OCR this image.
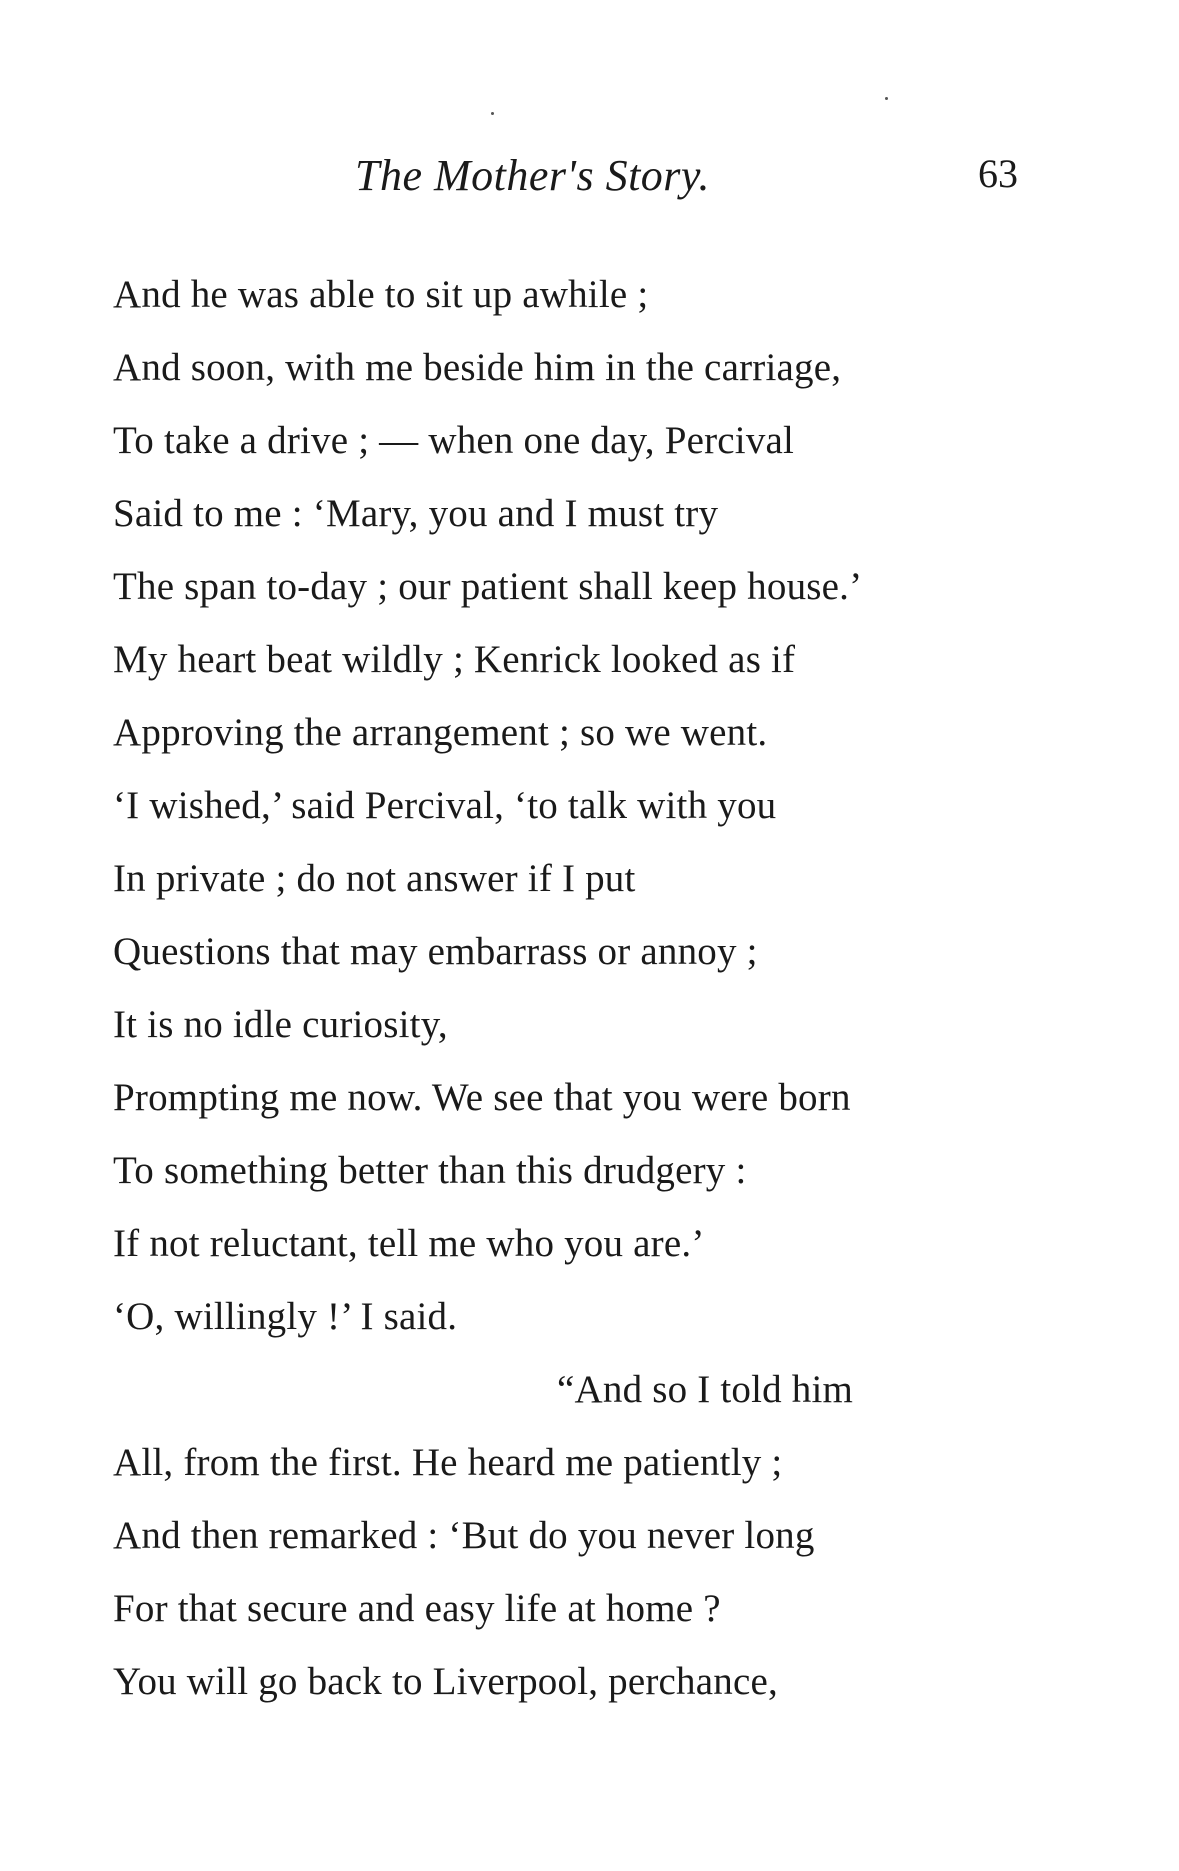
The Mother's Story.	63
And he was able to sit up awhile ;
And soon, with me beside him in the carriage,
To take a drive ; — when one day, Percival
Said to me : ‘Mary, you and I must try
The span to-day ; our patient shall keep house.’
My heart beat wildly ; Kenrick looked as if
Approving the arrangement ; so we went.
‘I wished,’ said Percival, ‘to talk with you
In private ; do not answer if I put
Questions that may embarrass or annoy ;
It is no idle curiosity,
Prompting me now. We see that you were born
To something better than this drudgery :
If not reluctant, tell me who you are.’
‘O, willingly !’ I said.
“And so I told him
All, from the first. He heard me patiently ;
And then remarked : ‘But do you never long
For that secure and easy life at home ?
You will go back to Liverpool, perchance,
